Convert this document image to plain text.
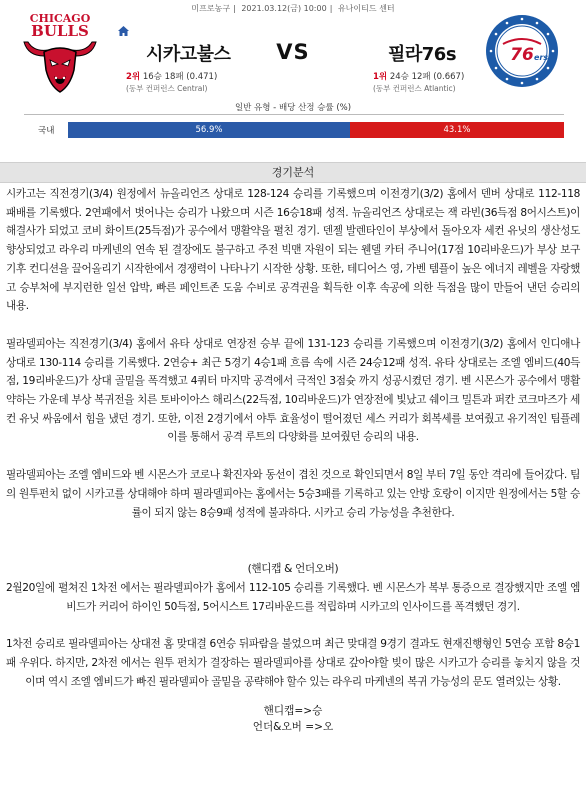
미프로농구 | 2021.03.12(금) 10:00 | 유나이티드 센터
CHICAGO
BULLS
시카고불스	VS	필라76s	76 ers
2위 16승 18패 (0.471)
(동부 컨퍼런스 Central)
1위 24승 12패 (0.667)
(동부 컨퍼런스 Atlantic)
일반 유형 - 배당 산정 승률 (%)
국내	56.9%	43.1%
경기분석

시카고는 직전경기(3/4) 원정에서 뉴올리언즈 상대로 128-124 승리를 기록했으며 이전경기(3/2) 홈에서 덴버 상대로 112-118 패배를 기록했다. 2연패에서 벗어나는 승리가 나왔으며 시즌 16승18패 성적. 뉴올리언즈 상대로는 잭 라빈(36득점 8어시스트)이 해결사가 되었고 코비 화이트(25득점)가 공수에서 맹활약을 펼친 경기. 덴젤 발렌타인이 부상에서 돌아오자 세컨 유닛의 생산성도 향상되었고 라우리 마케넨의 연속 된 결장에도 불구하고 주전 빅맨 자원이 되는 웬델 카터 주니어(17점 10리바운드)가 부상 보구기후 컨디션을 끌어올리기 시작한에서 경쟁력이 나타나기 시작한 상황. 또한, 테디어스 영, 가벤 템플이 높은 에너지 레벨을 자랑했고 승부처에 부지런한 일선 압박, 빠른 페인트존 도움 수비로 공격권을 획득한 이후 속공에 의한 득점을 많이 만들어 낸던 승리의 내용.

필라델피아는 직전경기(3/4) 홈에서 유타 상대로 연장전 승부 끝에 131-123 승리를 기록했으며 이전경기(3/2) 홈에서 인디애나 상대로 130-114 승리를 기록했다. 2연승+ 최근 5경기 4승1패 흐름 속에 시즌 24승12패 성적. 유타 상대로는 조엘 엠비드(40득점, 19리바운드)가 상대 골밑을 폭격했고 4쿼터 마지막 공격에서 극적인 3점슛 까지 성공시켰던 경기. 벤 시몬스가 공수에서 맹활약하는 가운데 부상 복귀전을 치른 토바이아스 해리스(22득점, 10리바운드)가 연장전에 빛났고 쉐이크 밀튼과 퍼칸 코크마즈가 세컨 유닛 싸움에서 힘을 냈던 경기. 또한, 이전 2경기에서 야투 효율성이 떨어졌던 세스 커리가 회복세를 보여줬고 유기적인 팀플레이를 통해서 공격 루트의 다양화를 보여줬던 승리의 내용.

필라델피아는 조엘 엠비드와 벤 시몬스가 코로나 확진자와 동선이 겹친 것으로 확인되면서 8일 부터 7일 동안 격리에 들어갔다. 팀의 원투펀치 없이 시카고를 상대해야 하며 필라델피아는 홈에서는 5승3패를 기록하고 있는 안방 호랑이 이지만 원정에서는 5할 승률이 되지 않는 8승9패 성적에 불과하다. 시카고 승리 가능성을 추천한다.

(핸디캡 & 언더오버)

2월20일에 펼쳐진 1차전 에서는 필라델피아가 홈에서 112-105 승리를 기록했다. 벤 시몬스가 복부 통증으로 결장했지만 조엘 엠비드가 커리어 하이인 50득점, 5어시스트 17리바운드를 적립하며 시카고의 인사이드를 폭격했던 경기.

1차전 승리로 필라델피아는 상대전 홈 맞대결 6연승 뒤파람을 불었으며 최근 맞대결 9경기 결과도 현재진행형인 5연승 포함 8승1패 우위다. 하지만, 2차전 에서는 원투 펀치가 결장하는 필라델피아를 상대로 갚아야할 빚이 많은 시카고가 승리를 놓치지 않을 것이며 역시 조엘 엠비드가 빠진 필라델피아 골밑을 공략해야 할수 있는 라우리 마케넨의 복귀 가능성의 문도 열려있는 상황.

핸디캡=>승

언더&오버 =>오
